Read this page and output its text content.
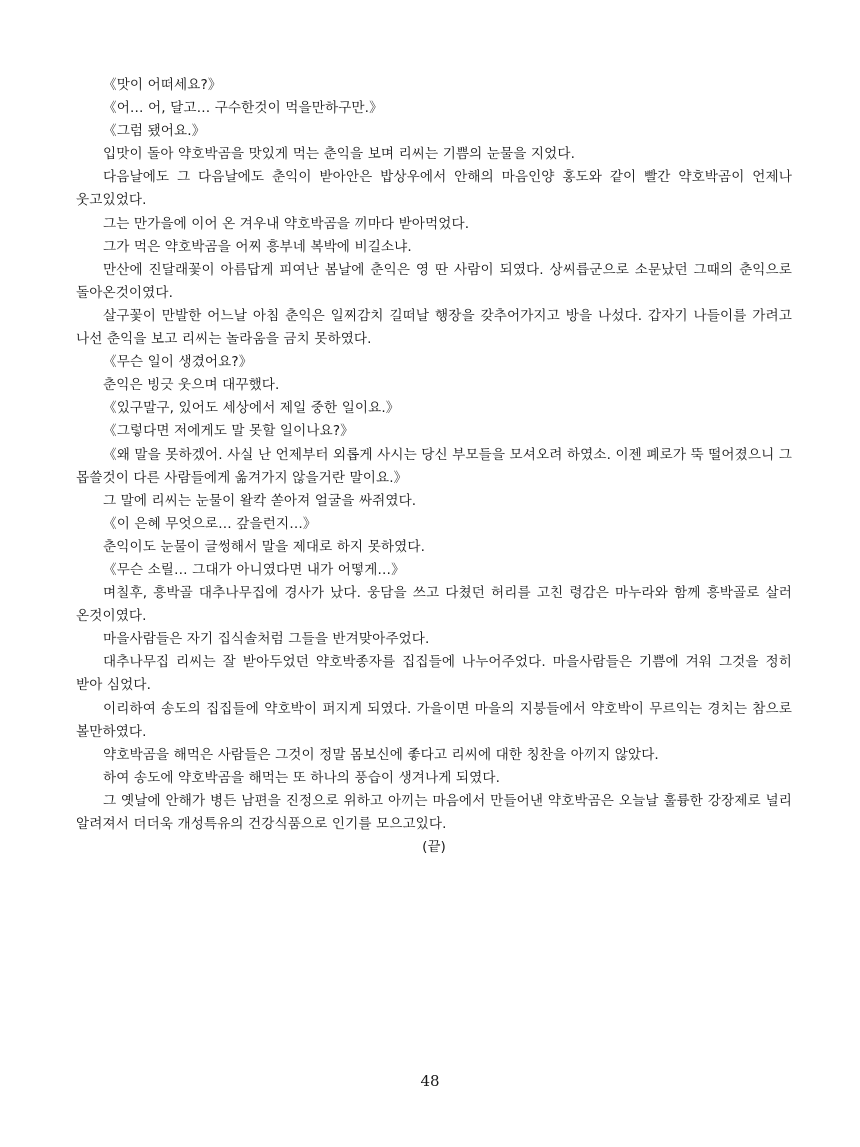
《맛이 어떠세요?》

《어… 어, 달고… 구수한것이 먹을만하구만.》

《그럼 됐어요.》

입맛이 돌아 약호박곰을 맛있게 먹는 춘익을 보며 리씨는 기쁨의 눈물을 지었다.

다음날에도 그 다음날에도 춘익이 받아안은 밥상우에서 안해의 마음인양 홍도와 같이 빨간 약호박곰이 언제나 웃고있었다.

그는 만가을에 이어 온 겨우내 약호박곰을 끼마다 받아먹었다.

그가 먹은 약호박곰을 어찌 흥부네 복박에 비길소냐.

만산에 진달래꽃이 아름답게 피여난 봄날에 춘익은 영 딴 사람이 되였다. 상씨릅군으로 소문났던 그때의 춘익으로 돌아온것이였다.

살구꽃이 만발한 어느날 아침 춘익은 일찌감치 길떠날 행장을 갖추어가지고 방을 나섰다. 갑자기 나들이를 가려고 나선 춘익을 보고 리씨는 놀라움을 금치 못하였다.

《무슨 일이 생겼어요?》

춘익은 빙긋 웃으며 대꾸했다.

《있구말구, 있어도 세상에서 제일 중한 일이요.》

《그렇다면 저에게도 말 못할 일이나요?》

《왜 말을 못하겠어. 사실 난 언제부터 외롭게 사시는 당신 부모들을 모셔오려 하였소. 이젠 폐로가 뚝 떨어졌으니 그 몹쓸것이 다른 사람들에게 옮겨가지 않을거란 말이요.》

그 말에 리씨는 눈물이 왈칵 쏟아져 얼굴을 싸쥐였다.

《이 은혜 무엇으로… 갚을런지…》

춘익이도 눈물이 글썽해서 말을 제대로 하지 못하였다.

《무슨 소릴… 그대가 아니였다면 내가 어떻게…》

며칠후, 흥박골 대추나무집에 경사가 났다. 웅담을 쓰고 다쳤던 허리를 고친 령감은 마누라와 함께 흥박골로 살러 온것이였다.

마을사람들은 자기 집식솔처럼 그들을 반겨맞아주었다.

대추나무집 리씨는 잘 받아두었던 약호박종자를 집집들에 나누어주었다. 마을사람들은 기쁨에 겨워 그것을 정히 받아 심었다.

이리하여 송도의 집집들에 약호박이 퍼지게 되였다. 가을이면 마을의 지붕들에서 약호박이 무르익는 경치는 참으로 볼만하였다.

약호박곰을 해먹은 사람들은 그것이 정말 몸보신에 좋다고 리씨에 대한 칭찬을 아끼지 않았다.

하여 송도에 약호박곰을 해먹는 또 하나의 풍습이 생겨나게 되였다.

그 옛날에 안해가 병든 남편을 진정으로 위하고 아끼는 마음에서 만들어낸 약호박곰은 오늘날 훌륭한 강장제로 널리 알려져서 더더욱 개성특유의 건강식품으로 인기를 모으고있다.

(끝)

48
